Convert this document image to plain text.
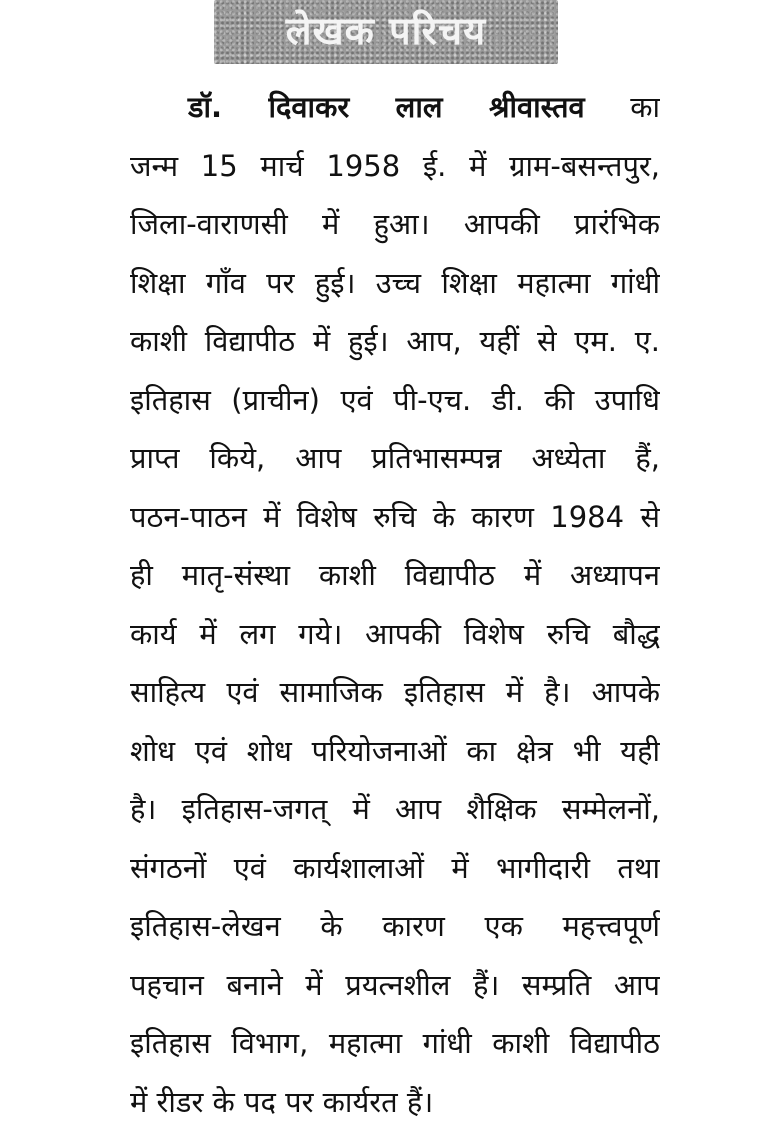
लेखक परिचय
डॉ. दिवाकर लाल श्रीवास्तव का
जन्म 15 मार्च 1958 ई. में ग्राम-बसन्तपुर,
जिला-वाराणसी में हुआ। आपकी प्रारंभिक
शिक्षा गाँव पर हुई। उच्च शिक्षा महात्मा गांधी
काशी विद्यापीठ में हुई। आप, यहीं से एम. ए.
इतिहास (प्राचीन) एवं पी-एच. डी. की उपाधि
प्राप्त किये, आप प्रतिभासम्पन्न अध्येता हैं,
पठन-पाठन में विशेष रुचि के कारण 1984 से
ही मातृ-संस्था काशी विद्यापीठ में अध्यापन
कार्य में लग गये। आपकी विशेष रुचि बौद्ध
साहित्य एवं सामाजिक इतिहास में है। आपके
शोध एवं शोध परियोजनाओं का क्षेत्र भी यही
है। इतिहास-जगत् में आप शैक्षिक सम्मेलनों,
संगठनों एवं कार्यशालाओं में भागीदारी तथा
इतिहास-लेखन के कारण एक महत्त्वपूर्ण
पहचान बनाने में प्रयत्नशील हैं। सम्प्रति आप
इतिहास विभाग, महात्मा गांधी काशी विद्यापीठ
में रीडर के पद पर कार्यरत हैं।
